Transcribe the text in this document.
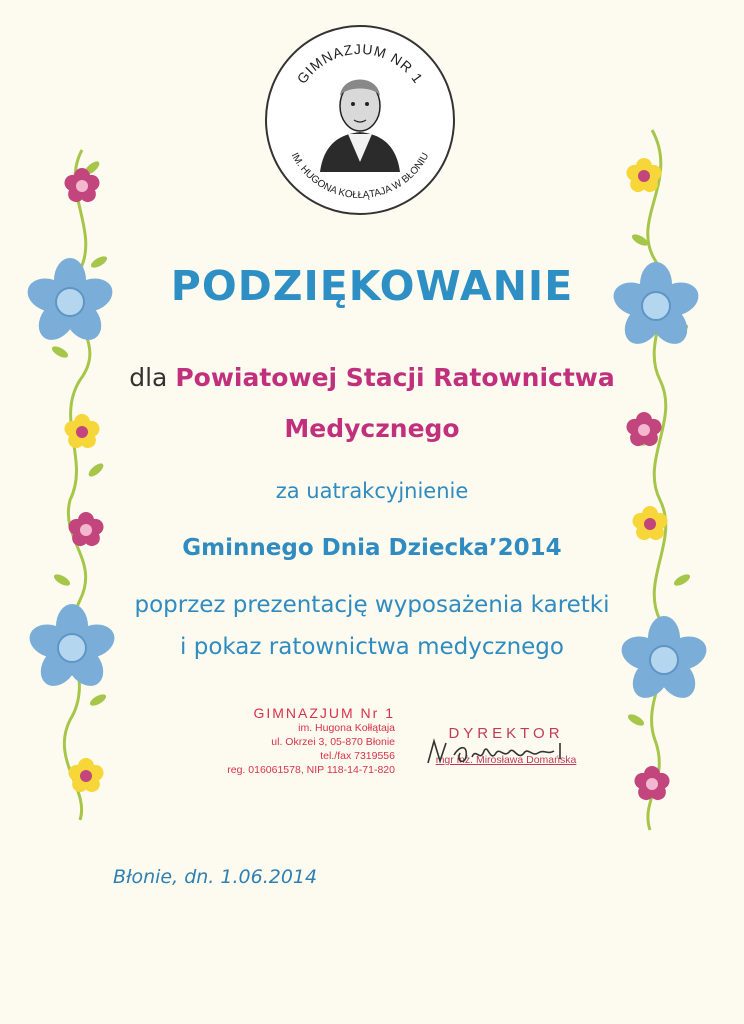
GIMNAZJUM NR 1
IM. HUGONA KOŁŁĄTAJA W BŁONIU
PODZIĘKOWANIE
dla Powiatowej Stacji Ratownictwa
Medycznego
za uatrakcyjnienie
Gminnego Dnia Dziecka’2014
poprzez prezentację wyposażenia karetki
i pokaz ratownictwa medycznego
GIMNAZJUM Nr 1
im. Hugona Kołłątaja
ul. Okrzei 3, 05-870 Błonie
tel./fax 7319556
reg. 016061578, NIP 118-14-71-820
DYREKTOR
mgr inż. Mirosława Domańska
Błonie, dn. 1.06.2014
